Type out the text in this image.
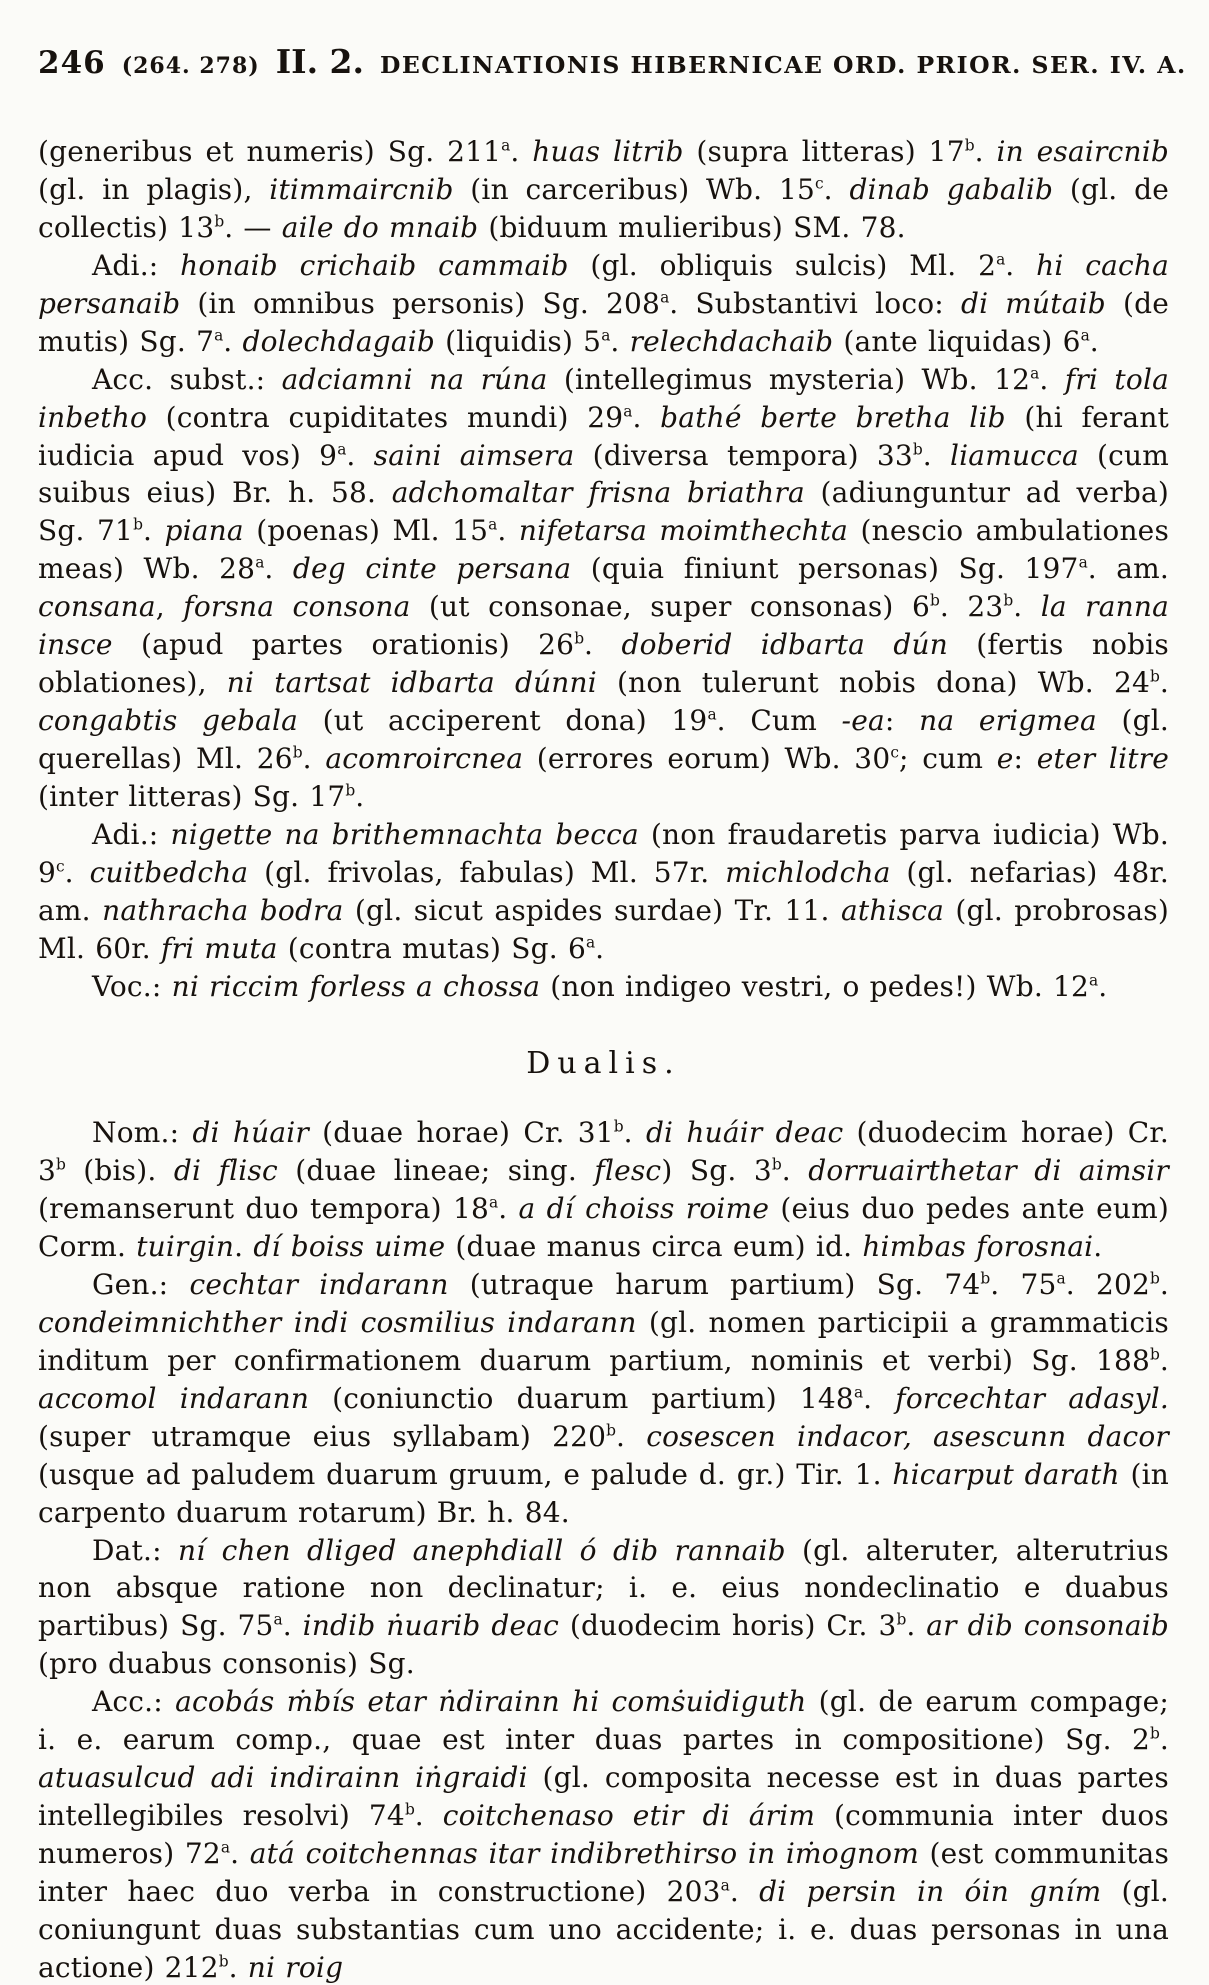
246 (264. 278) II. 2. DECLINATIONIS HIBERNICAE ORD. PRIOR. SER. IV. A.

(generibus et numeris) Sg. 211$^a$. huas litrib (supra litteras) 17$^b$. in esaircnib (gl. in plagis), itimmaircnib (in carceribus) Wb. 15$^c$. dinab gabalib (gl. de collectis) 13$^b$. — aile do mnaib (biduum mulieribus) SM. 78.

Adi.: honaib crichaib cammaib (gl. obliquis sulcis) Ml. 2$^a$. hi cacha persanaib (in omnibus personis) Sg. 208$^a$. Substantivi loco: di mútaib (de mutis) Sg. 7$^a$. dolechdagaib (liquidis) 5$^a$. relechdachaib (ante liquidas) 6$^a$.

Acc. subst.: adciamni na rúna (intellegimus mysteria) Wb. 12$^a$. fri tola inbetho (contra cupiditates mundi) 29$^a$. bathé berte bretha lib (hi ferant iudicia apud vos) 9$^a$. saini aimsera (diversa tempora) 33$^b$. liamucca (cum suibus eius) Br. h. 58. adchomaltar frisna briathra (adiunguntur ad verba) Sg. 71$^b$. piana (poenas) Ml. 15$^a$. nifetarsa moimthechta (nescio ambulationes meas) Wb. 28$^a$. deg cinte persana (quia finiunt personas) Sg. 197$^a$. am. consana, forsna consona (ut consonae, super consonas) 6$^b$. 23$^b$. la ranna insce (apud partes orationis) 26$^b$. doberid idbarta dún (fertis nobis oblationes), ni tartsat idbarta dúnni (non tulerunt nobis dona) Wb. 24$^b$. congabtis gebala (ut acciperent dona) 19$^a$. Cum -ea: na erigmea (gl. querellas) Ml. 26$^b$. acomroircnea (errores eorum) Wb. 30$^c$; cum e: eter litre (inter litteras) Sg. 17$^b$.

Adi.: nigette na brithemnachta becca (non fraudaretis parva iudicia) Wb. 9$^c$. cuitbedcha (gl. frivolas, fabulas) Ml. 57r. michlodcha (gl. nefarias) 48r. am. nathracha bodra (gl. sicut aspides surdae) Tr. 11. athisca (gl. probrosas) Ml. 60r. fri muta (contra mutas) Sg. 6$^a$.

Voc.: ni riccim forless a chossa (non indigeo vestri, o pedes!) Wb. 12$^a$.

Dualis.

Nom.: di húair (duae horae) Cr. 31$^b$. di huáir deac (duodecim horae) Cr. 3$^b$ (bis). di flisc (duae lineae; sing. flesc) Sg. 3$^b$. dorruairthetar di aimsir (remanserunt duo tempora) 18$^a$. a dí choiss roime (eius duo pedes ante eum) Corm. tuirgin. dí boiss uime (duae manus circa eum) id. himbas forosnai.

Gen.: cechtar indarann (utraque harum partium) Sg. 74$^b$. 75$^a$. 202$^b$. condeimnichther indi cosmilius indarann (gl. nomen participii a grammaticis inditum per confirmationem duarum partium, nominis et verbi) Sg. 188$^b$. accomol indarann (coniunctio duarum partium) 148$^a$. forcechtar adasyl. (super utramque eius syllabam) 220$^b$. cosescen indacor, asescunn dacor (usque ad paludem duarum gruum, e palude d. gr.) Tir. 1. hicarput darath (in carpento duarum rotarum) Br. h. 84.

Dat.: ní chen dliged anephdiall ó dib rannaib (gl. alteruter, alterutrius non absque ratione non declinatur; i. e. eius nondeclinatio e duabus partibus) Sg. 75$^a$. indib ṅuarib deac (duodecim horis) Cr. 3$^b$. ar dib consonaib (pro duabus consonis) Sg.

Acc.: acobás ṁbís etar ṅdirainn hi comṡuidiguth (gl. de earum compage; i. e. earum comp., quae est inter duas partes in compositione) Sg. 2$^b$. atuasulcud adi indirainn iṅgraidi (gl. composita necesse est in duas partes intellegibiles resolvi) 74$^b$. coitchenaso etir di árim (communia inter duos numeros) 72$^a$. atá coitchennas itar indibrethirso in iṁognom (est communitas inter haec duo verba in constructione) 203$^a$. di persin in óin gním (gl. coniungunt duas substantias cum uno accidente; i. e. duas personas in una actione) 212$^b$. ni roig
